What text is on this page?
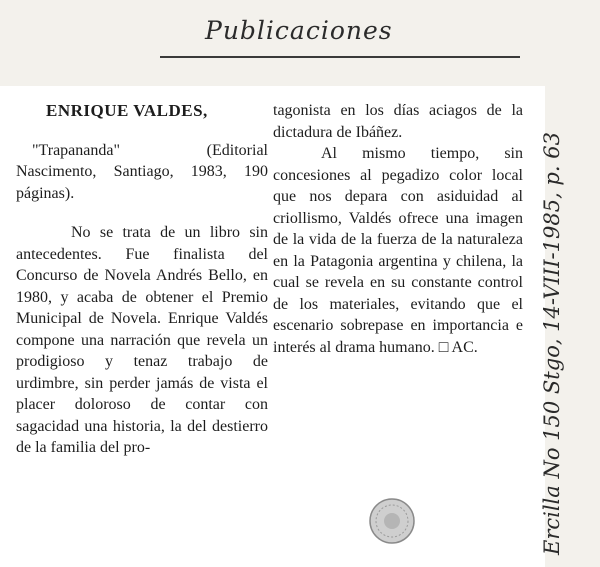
Publicaciones
ENRIQUE VALDES,

"Trapananda" (Editorial Nascimento, Santiago, 1983, 190 páginas).

No se trata de un libro sin antecedentes. Fue finalista del Concurso de Novela Andrés Bello, en 1980, y acaba de obtener el Premio Municipal de Novela. Enrique Valdés compone una narración que revela un prodigioso y tenaz trabajo de urdimbre, sin perder jamás de vista el placer doloroso de contar con sagacidad una historia, la del destierro de la familia del pro-

tagonista en los días aciagos de la dictadura de Ibáñez.

Al mismo tiempo, sin concesiones al pegadizo color local que nos depara con asiduidad al criollismo, Valdés ofrece una imagen de la vida de la fuerza de la naturaleza en la Patagonia argentina y chilena, la cual se revela en su constante control de los materiales, evitando que el escenario sobrepase en importancia e interés al drama humano. □ AC.	Ercilla No 150 Stgo, 14-VIII-1985, p. 63
